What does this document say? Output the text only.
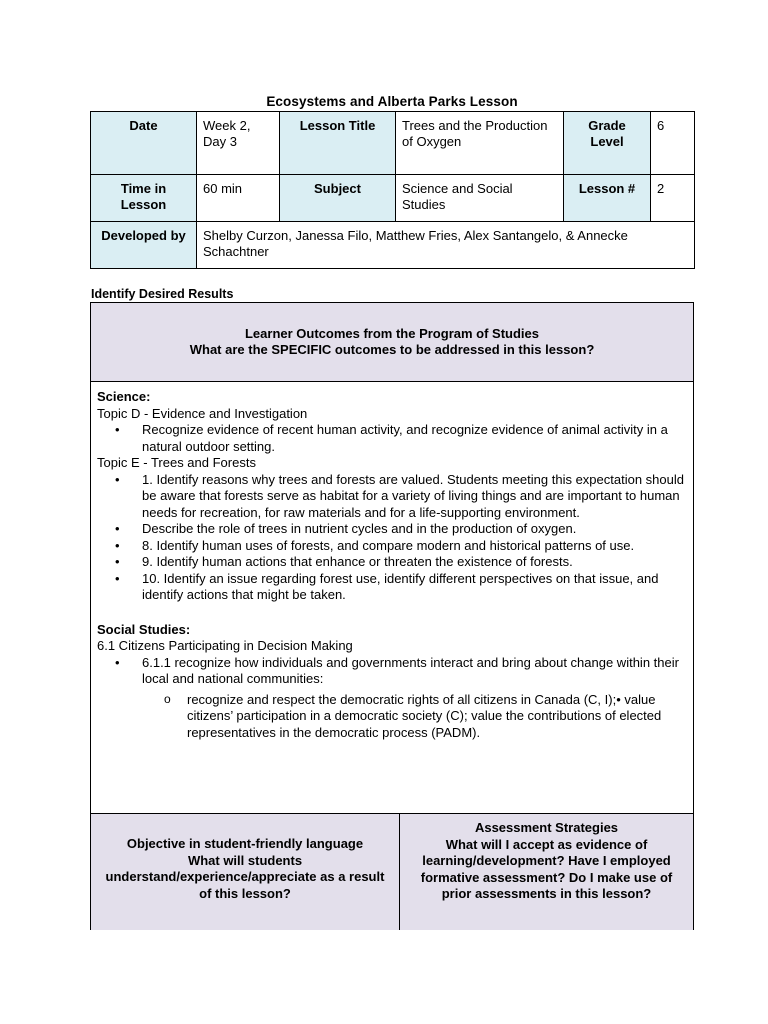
Ecosystems and Alberta Parks Lesson
Date	Week 2, Day 3	Lesson Title	Trees and the Production of Oxygen	Grade Level	6
Time in Lesson	60 min	Subject	Science and Social Studies	Lesson #	2
Developed by	Shelby Curzon, Janessa Filo, Matthew Fries, Alex Santangelo, & Annecke Schachtner				
Identify Desired Results
Learner Outcomes from the Program of Studies
What are the SPECIFIC outcomes to be addressed in this lesson?
Science:
Topic D - Evidence and Investigation
• Recognize evidence of recent human activity, and recognize evidence of animal activity in a natural outdoor setting.
Topic E - Trees and Forests
• 1. Identify reasons why trees and forests are valued. Students meeting this expectation should be aware that forests serve as habitat for a variety of living things and are important to human needs for recreation, for raw materials and for a life-supporting environment.
• Describe the role of trees in nutrient cycles and in the production of oxygen.
• 8. Identify human uses of forests, and compare modern and historical patterns of use.
• 9. Identify human actions that enhance or threaten the existence of forests.
• 10. Identify an issue regarding forest use, identify different perspectives on that issue, and identify actions that might be taken.
Social Studies:
6.1 Citizens Participating in Decision Making
• 6.1.1 recognize how individuals and governments interact and bring about change within their local and national communities:
o recognize and respect the democratic rights of all citizens in Canada (C, I);• value citizens’ participation in a democratic society (C); value the contributions of elected representatives in the democratic process (PADM).
Objective in student-friendly language
What will students understand/experience/appreciate as a result of this lesson?
Assessment Strategies
What will I accept as evidence of learning/development? Have I employed formative assessment? Do I make use of prior assessments in this lesson?
